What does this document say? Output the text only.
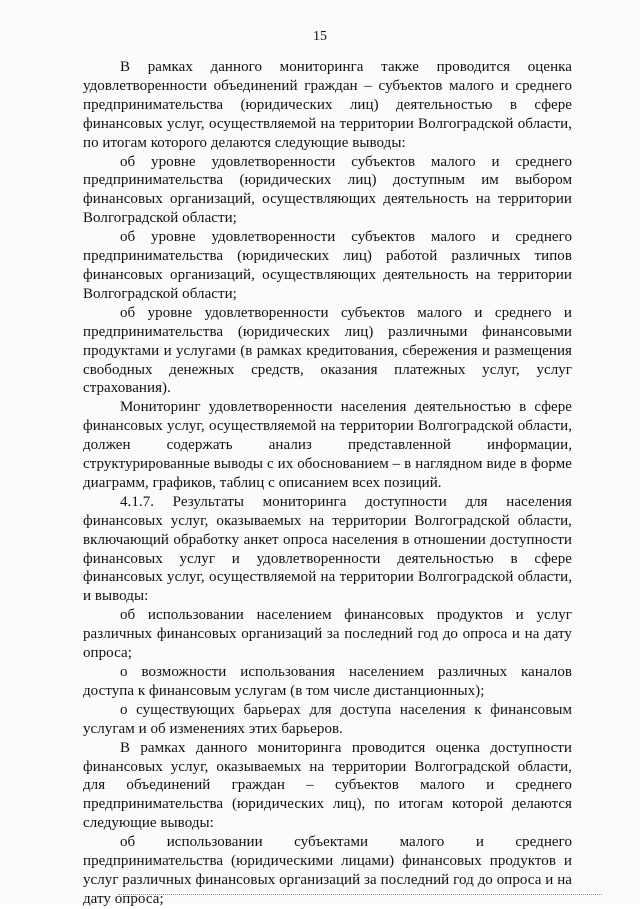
15

В рамках данного мониторинга также проводится оценка удовлетворенности объединений граждан – субъектов малого и среднего предпринимательства (юридических лиц) деятельностью в сфере финансовых услуг, осуществляемой на территории Волгоградской области, по итогам которого делаются следующие выводы:

об уровне удовлетворенности субъектов малого и среднего предпринимательства (юридических лиц) доступным им выбором финансовых организаций, осуществляющих деятельность на территории Волгоградской области;

об уровне удовлетворенности субъектов малого и среднего предпринимательства (юридических лиц) работой различных типов финансовых организаций, осуществляющих деятельность на территории Волгоградской области;

об уровне удовлетворенности субъектов малого и среднего и предпринимательства (юридических лиц) различными финансовыми продуктами и услугами (в рамках кредитования, сбережения и размещения свободных денежных средств, оказания платежных услуг, услуг страхования).

Мониторинг удовлетворенности населения деятельностью в сфере финансовых услуг, осуществляемой на территории Волгоградской области, должен содержать анализ представленной информации, структурированные выводы с их обоснованием – в наглядном виде в форме диаграмм, графиков, таблиц с описанием всех позиций.

4.1.7. Результаты мониторинга доступности для населения финансовых услуг, оказываемых на территории Волгоградской области, включающий обработку анкет опроса населения в отношении доступности финансовых услуг и удовлетворенности деятельностью в сфере финансовых услуг, осуществляемой на территории Волгоградской области, и выводы:

об использовании населением финансовых продуктов и услуг различных финансовых организаций за последний год до опроса и на дату опроса;

о возможности использования населением различных каналов доступа к финансовым услугам (в том числе дистанционных);

о существующих барьерах для доступа населения к финансовым услугам и об изменениях этих барьеров.

В рамках данного мониторинга проводится оценка доступности финансовых услуг, оказываемых на территории Волгоградской области, для объединений граждан – субъектов малого и среднего предпринимательства (юридических лиц), по итогам которой делаются следующие выводы:

об использовании субъектами малого и среднего предпринимательства (юридическими лицами) финансовых продуктов и услуг различных финансовых организаций за последний год до опроса и на дату опроса;
